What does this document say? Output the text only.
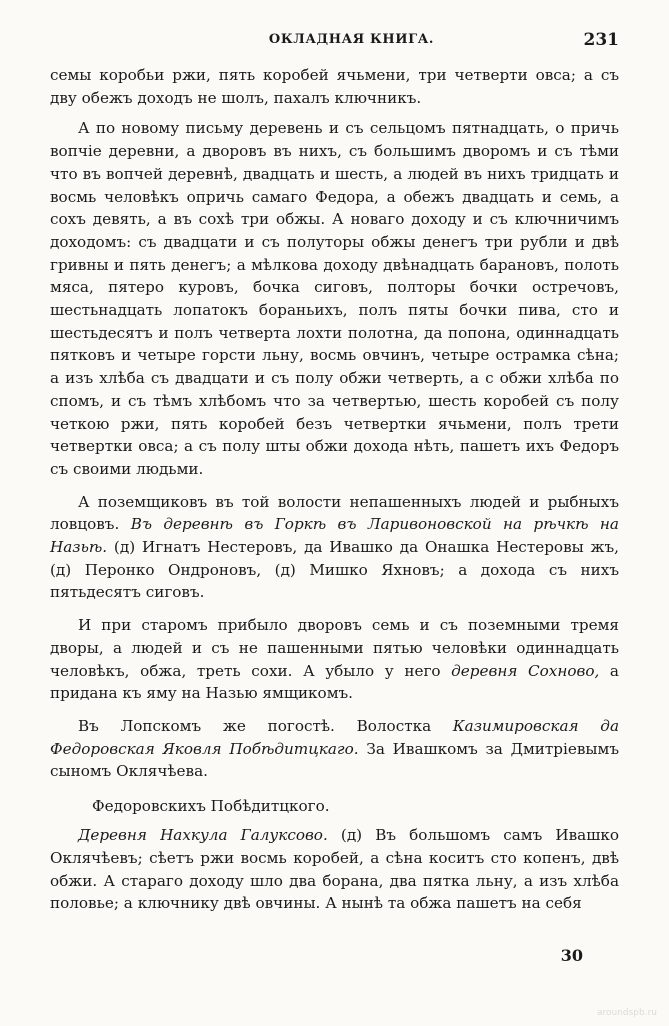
ОКЛАДНАЯ КНИГА.	231

семы коробьи ржи, пять коробей ячьмени, три четверти овса; а съ дву обежъ доходъ не шолъ, пахалъ ключникъ.

А по новому письму деревень и съ сельцомъ пятнадцать, о причь вопчіе деревни, а дворовъ въ нихъ, съ большимъ дворомъ и съ тѣми что въ вопчей деревнѣ, двадцать и шесть, а людей въ нихъ тридцать и восмь человѣкъ опричь самаго Федора, а обежъ двадцать и семь, а сохъ девять, а въ сохѣ три обжы. А новаго доходу и съ ключничимъ доходомъ: съ двадцати и съ полуторы обжы денегъ три рубли и двѣ гривны и пять денегъ; а мѣлкова доходу двѣнадцать барановъ, полоть мяса, пятеро куровъ, бочка сиговъ, полторы бочки остречовъ, шестьнадцать лопатокъ бораньихъ, полъ пяты бочки пива, сто и шестьдесятъ и полъ четверта лохти полотна, да попона, одиннадцать пятковъ и четыре горсти льну, восмь овчинъ, четыре острамка сѣна; а изъ хлѣба съ двадцати и съ полу обжи четверть, а с обжи хлѣба по спомъ, и съ тѣмъ хлѣбомъ что за четвертью, шесть коробей съ полу четкою ржи, пять коробей безъ четвертки ячьмени, полъ трети четвертки овса; а съ полу шты обжи дохода нѣть, пашетъ ихъ Федоръ съ своими людьми.

А поземщиковъ въ той волости непашенныхъ людей и рыбныхъ ловцовъ. Въ деревнѣ въ Горкѣ въ Ларивоновской на рѣчкѣ на Назьѣ. (д) Игнатъ Нестеровъ, да Ивашко да Онашка Нестеровы жъ, (д) Перонко Ондроновъ, (д) Мишко Яхновъ; а дохода съ нихъ пятьдесятъ сиговъ.

И при старомъ прибыло дворовъ семь и съ поземными тремя дворы, а людей и съ не пашенными пятью человѣки одиннадцать человѣкъ, обжа, треть сохи. А убыло у него деревня Сохново, а придана къ яму на Назью ямщикомъ.

Въ Лопскомъ же погостѣ. Волостка Казимировская да Федоровская Яковля Побѣдитцкаго. За Ивашкомъ за Дмитріевымъ сыномъ Оклячѣева.

Федоровскихъ Побѣдитцкого.

Деревня Нахкула Галуксово. (д) Въ большомъ самъ Ивашко Оклячѣевъ; сѣетъ ржи восмь коробей, а сѣна коситъ сто копенъ, двѣ обжи. А стараго доходу шло два борана, два пятка льну, а изъ хлѣба половье; а ключнику двѣ овчины. А нынѣ та обжа пашетъ на себя

30
aroundspb.ru
